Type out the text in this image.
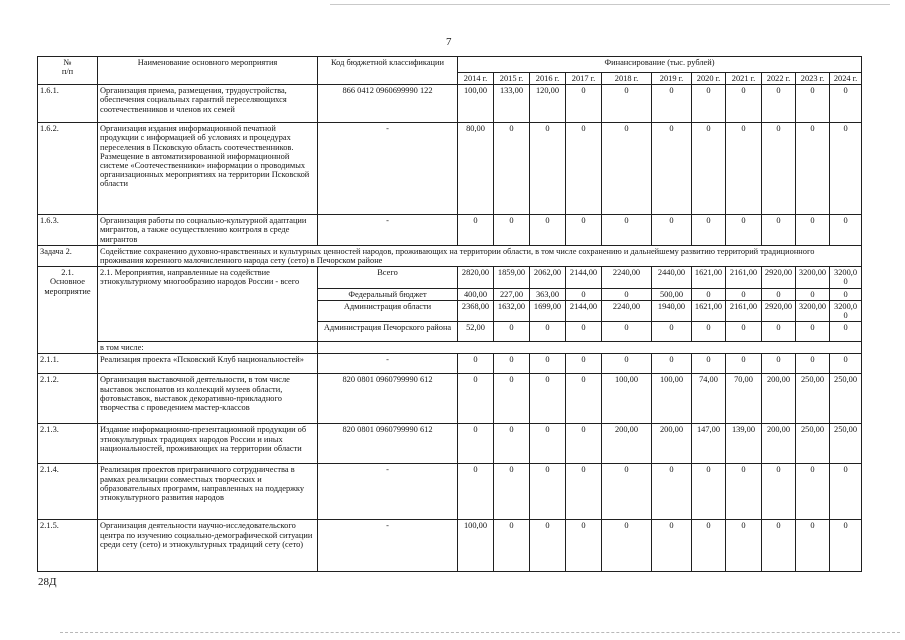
7
№
п/п	Наименование основного мероприятия	Код бюджетной классификации	Финансирование (тыс. рублей)										
			2014 г.	2015 г.	2016 г.	2017 г.	2018 г.	2019 г.	2020 г.	2021 г.	2022 г.	2023 г.	2024 г.
1.6.1.	Организация приема, размещения, трудоустройства, обеспечения социальных гарантий переселяющихся соотечественников и членов их семей	866 0412 0960699990 122	100,00	133,00	120,00	0	0	0	0	0	0	0	0
1.6.2.	Организация издания информационной печатной продукции с информацией об условиях и процедурах переселения в Псковскую область соотечественников. Размещение в автоматизированной информационной системе «Соотечественники» информации о проводимых организационных мероприятиях на территории Псковской области	-	80,00	0	0	0	0	0	0	0	0	0	0
1.6.3.	Организация работы по социально-культурной адаптации мигрантов, а также осуществлению контроля в среде мигрантов	-	0	0	0	0	0	0	0	0	0	0	0
Задача 2.	Содействие сохранению духовно-нравственных и культурных ценностей народов, проживающих на территории области, в том числе сохранению и дальнейшему развитию территорий традиционного проживания коренного малочисленного народа сету (сето) в Печорском районе												
2.1.
Основное мероприятие	2.1. Мероприятия, направленные на содействие этнокультурному многообразию народов России - всего	Всего	2820,00	1859,00	2062,00	2144,00	2240,00	2440,00	1621,00	2161,00	2920,00	3200,00	3200,00
		Федеральный бюджет	400,00	227,00	363,00	0	0	500,00	0	0	0	0	0
		Администрация области	2368,00	1632,00	1699,00	2144,00	2240,00	1940,00	1621,00	2161,00	2920,00	3200,00	3200,00
		Администрация Печорского района	52,00	0	0	0	0	0	0	0	0	0	0
	в том числе:												
2.1.1.	Реализация проекта «Псковский Клуб национальностей»	-	0	0	0	0	0	0	0	0	0	0	0
2.1.2.	Организация выставочной деятельности, в том числе выставок экспонатов из коллекций музеев области, фотовыставок, выставок декоративно-прикладного творчества с проведением мастер-классов	820 0801 0960799990 612	0	0	0	0	100,00	100,00	74,00	70,00	200,00	250,00	250,00
2.1.3.	Издание информационно-презентационной продукции об этнокультурных традициях народов России и иных национальностей, проживающих на территории области	820 0801 0960799990 612	0	0	0	0	200,00	200,00	147,00	139,00	200,00	250,00	250,00
2.1.4.	Реализация проектов приграничного сотрудничества в рамках реализации совместных творческих и образовательных программ, направленных на поддержку этнокультурного развития народов	-	0	0	0	0	0	0	0	0	0	0	0
2.1.5.	Организация деятельности научно-исследовательского центра по изучению социально-демографической ситуации среди сету (сето) и этнокультурных традиций сету (сето)	-	100,00	0	0	0	0	0	0	0	0	0	0
28Д
